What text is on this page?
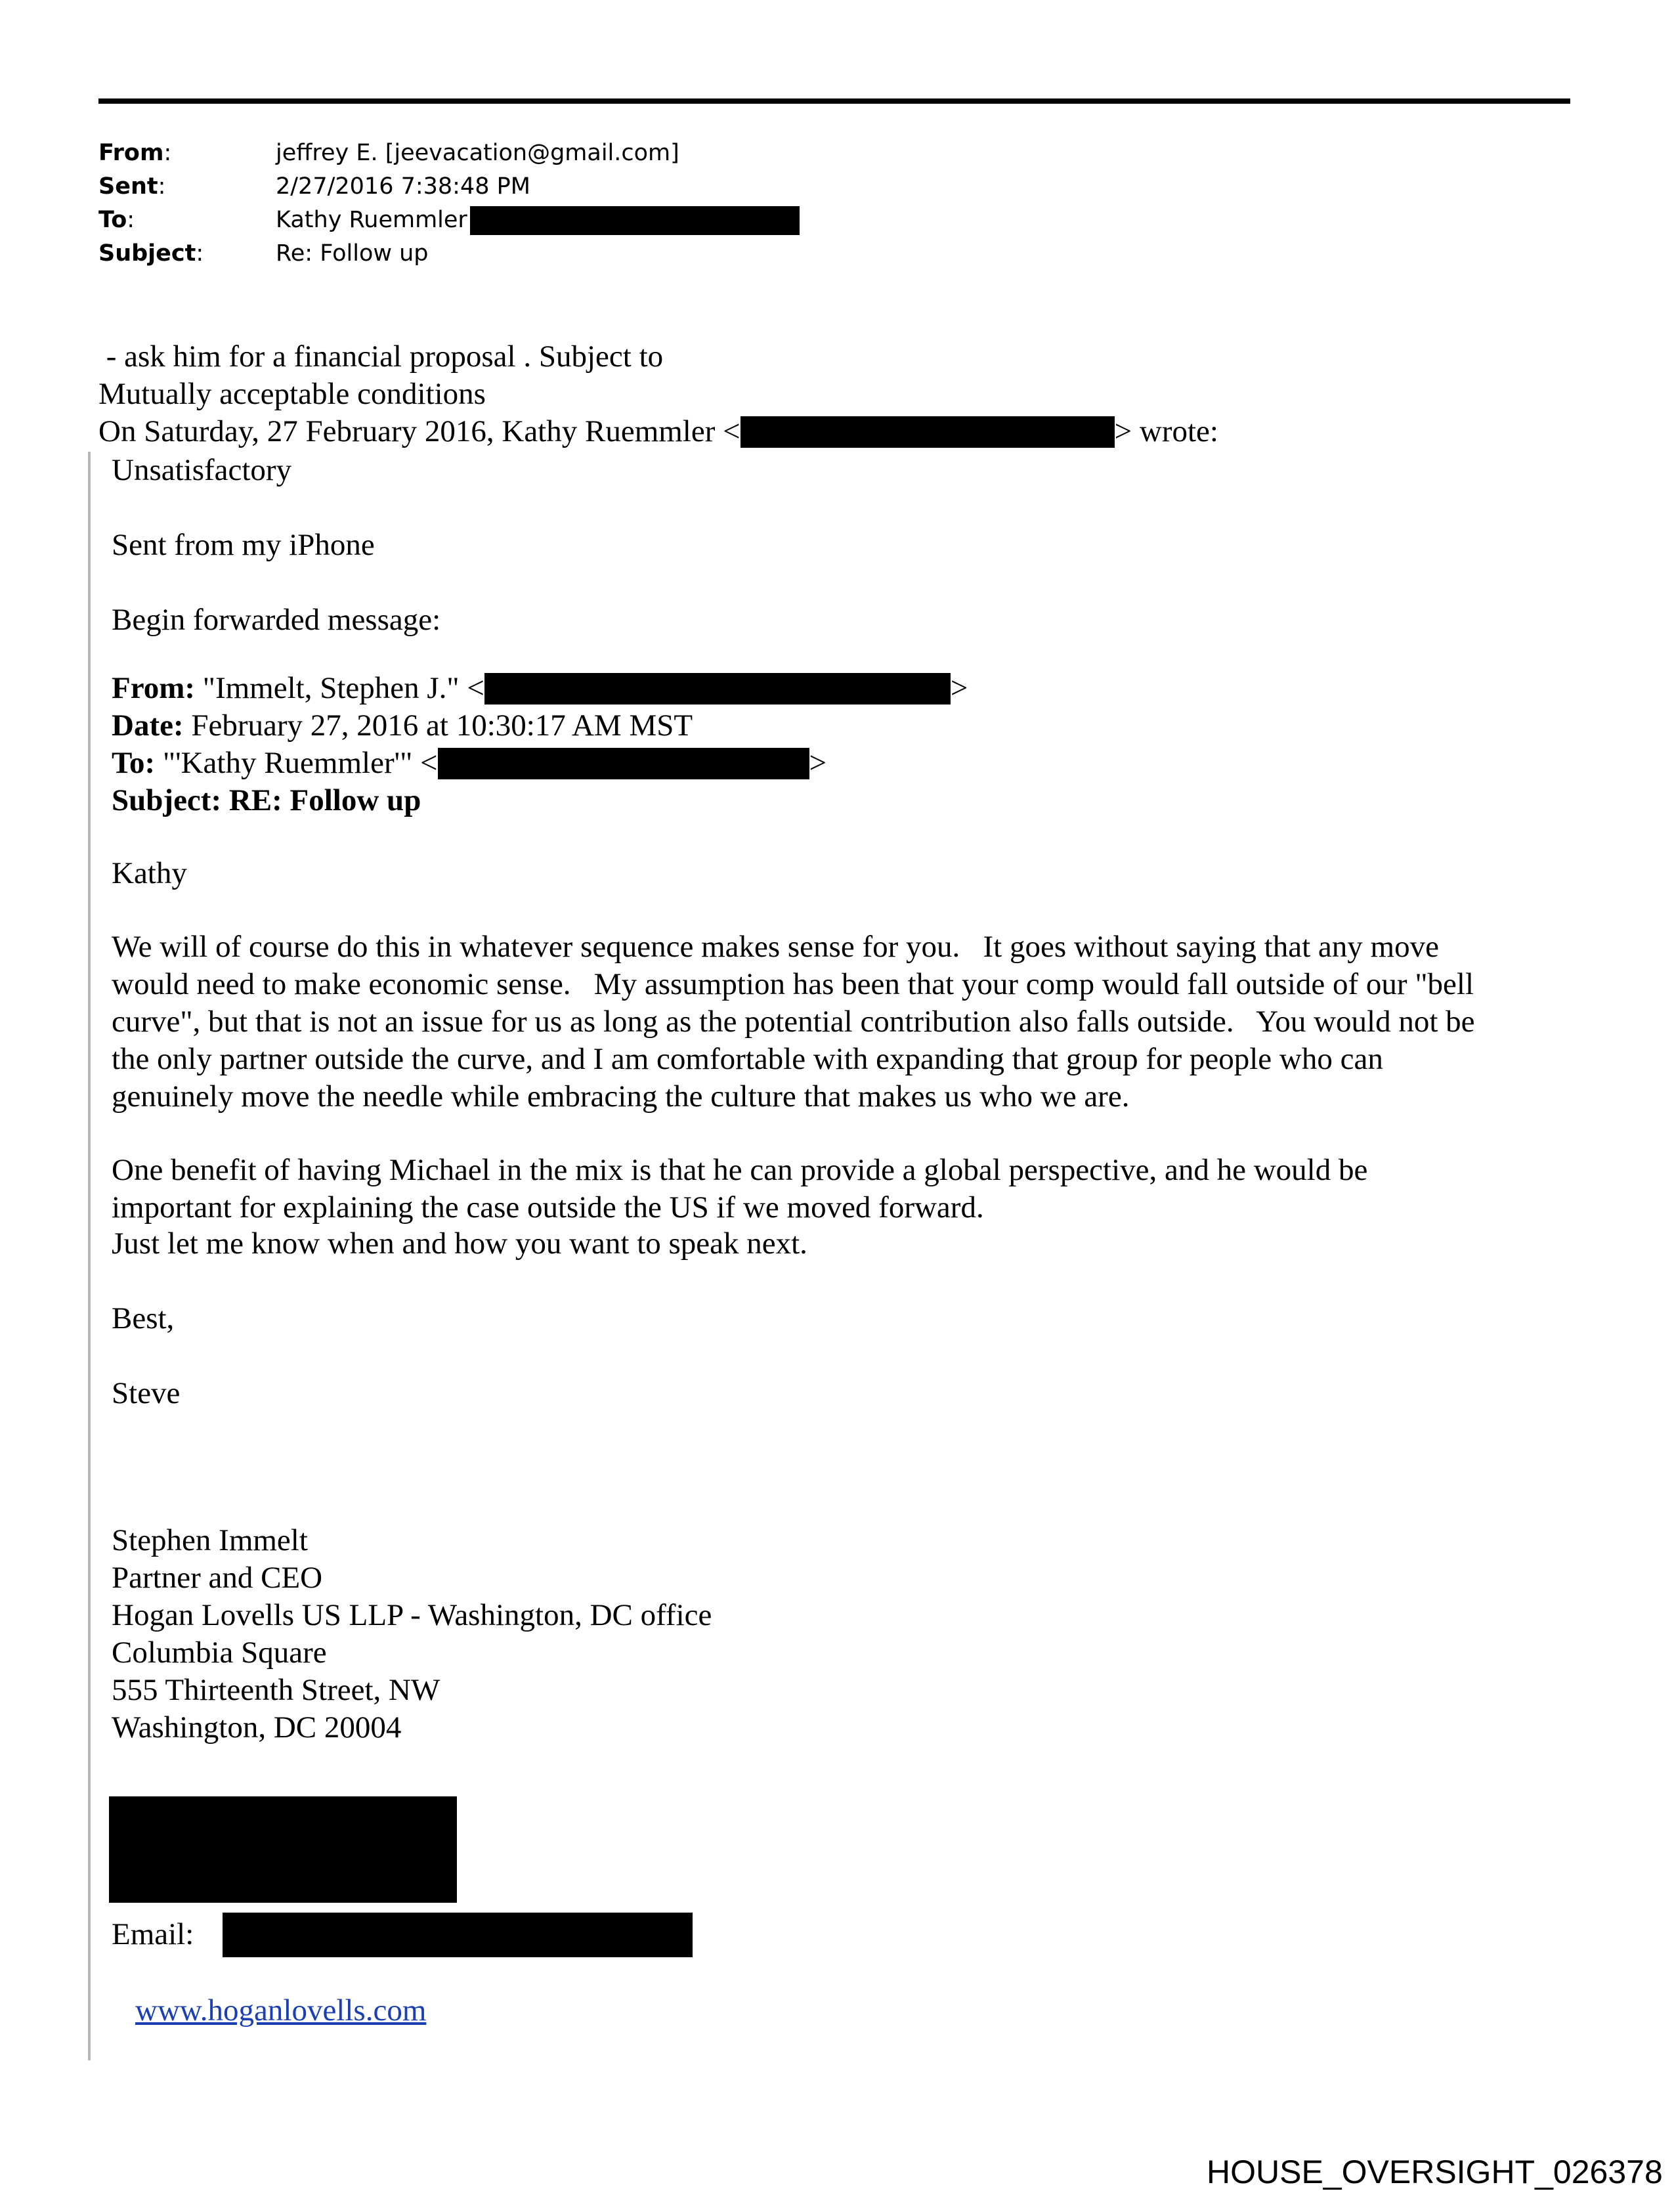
From:	jeffrey E. [jeevacation@gmail.com]
Sent:	2/27/2016 7:38:48 PM
To:	Kathy Ruemmler
Subject:	Re: Follow up
- ask him for a financial proposal . Subject to
Mutually acceptable conditions
On Saturday, 27 February 2016, Kathy Ruemmler <	> wrote:
Unsatisfactory
Sent from my iPhone
Begin forwarded message:
From: "Immelt, Stephen J." <	>
Date: February 27, 2016 at 10:30:17 AM MST
To: "'Kathy Ruemmler'" <	>
Subject: RE: Follow up
Kathy
We will of course do this in whatever sequence makes sense for you.   It goes without saying that any move
would need to make economic sense.   My assumption has been that your comp would fall outside of our "bell
curve", but that is not an issue for us as long as the potential contribution also falls outside.   You would not be
the only partner outside the curve, and I am comfortable with expanding that group for people who can
genuinely move the needle while embracing the culture that makes us who we are.
One benefit of having Michael in the mix is that he can provide a global perspective, and he would be
important for explaining the case outside the US if we moved forward.
Just let me know when and how you want to speak next.
Best,
Steve
Stephen Immelt
Partner and CEO
Hogan Lovells US LLP - Washington, DC office
Columbia Square
555 Thirteenth Street, NW
Washington, DC 20004
Email:
www.hoganlovells.com
HOUSE_OVERSIGHT_026378
